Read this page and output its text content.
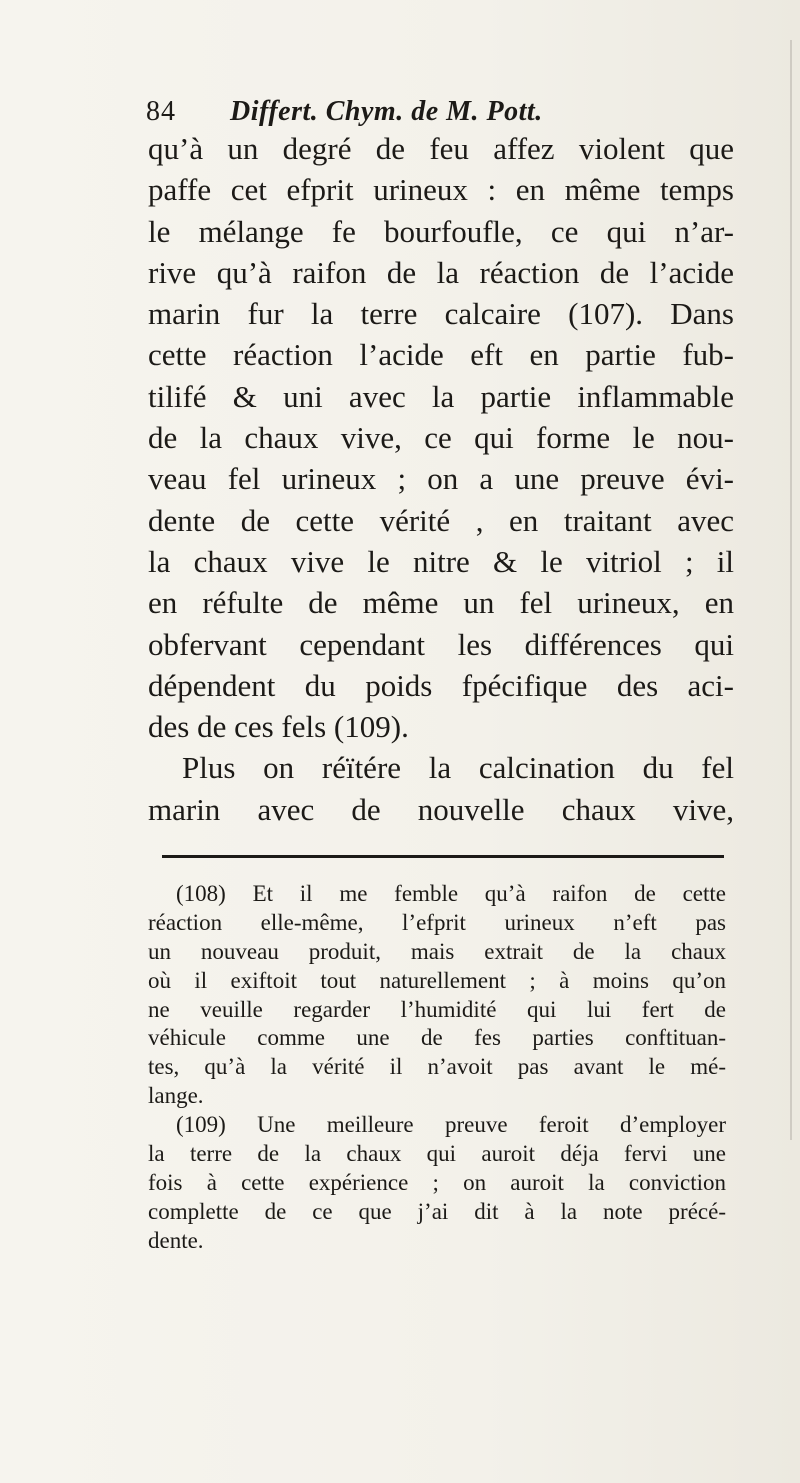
84 Differt. Chym. de M. Pott.
qu’à un degré de feu affez violent que
paffe cet efprit urineux : en même temps
le mélange fe bourfoufle, ce qui n’ar-
rive qu’à raifon de la réaction de l’acide
marin fur la terre calcaire (107). Dans
cette réaction l’acide eft en partie fub-
tilifé & uni avec la partie inflammable
de la chaux vive, ce qui forme le nou-
veau fel urineux ; on a une preuve évi-
dente de cette vérité , en traitant avec
la chaux vive le nitre & le vitriol ; il
en réfulte de même un fel urineux, en
obfervant cependant les différences qui
dépendent du poids fpécifique des aci-
des de ces fels (109).
Plus on réïtére la calcination du fel
marin avec de nouvelle chaux vive,
(108) Et il me femble qu’à raifon de cette
réaction elle-même, l’efprit urineux n’eft pas
un nouveau produit, mais extrait de la chaux
où il exiftoit tout naturellement ; à moins qu’on
ne veuille regarder l’humidité qui lui fert de
véhicule comme une de fes parties conftituan-
tes, qu’à la vérité il n’avoit pas avant le mé-
lange.
(109) Une meilleure preuve feroit d’employer
la terre de la chaux qui auroit déja fervi une
fois à cette expérience ; on auroit la conviction
complette de ce que j’ai dit à la note précé-
dente.
